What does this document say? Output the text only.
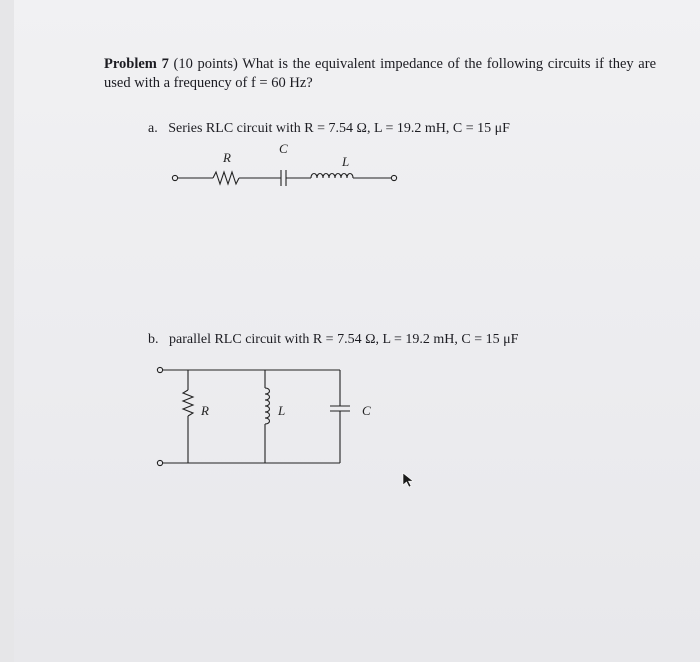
Problem 7 (10 points) What is the equivalent impedance of the following circuits if they are used with a frequency of f = 60 Hz?
a. Series RLC circuit with R = 7.54 Ω, L = 19.2 mH, C = 15 μF
R
C
L
b. parallel RLC circuit with R = 7.54 Ω, L = 19.2 mH, C = 15 μF
R	L	C
